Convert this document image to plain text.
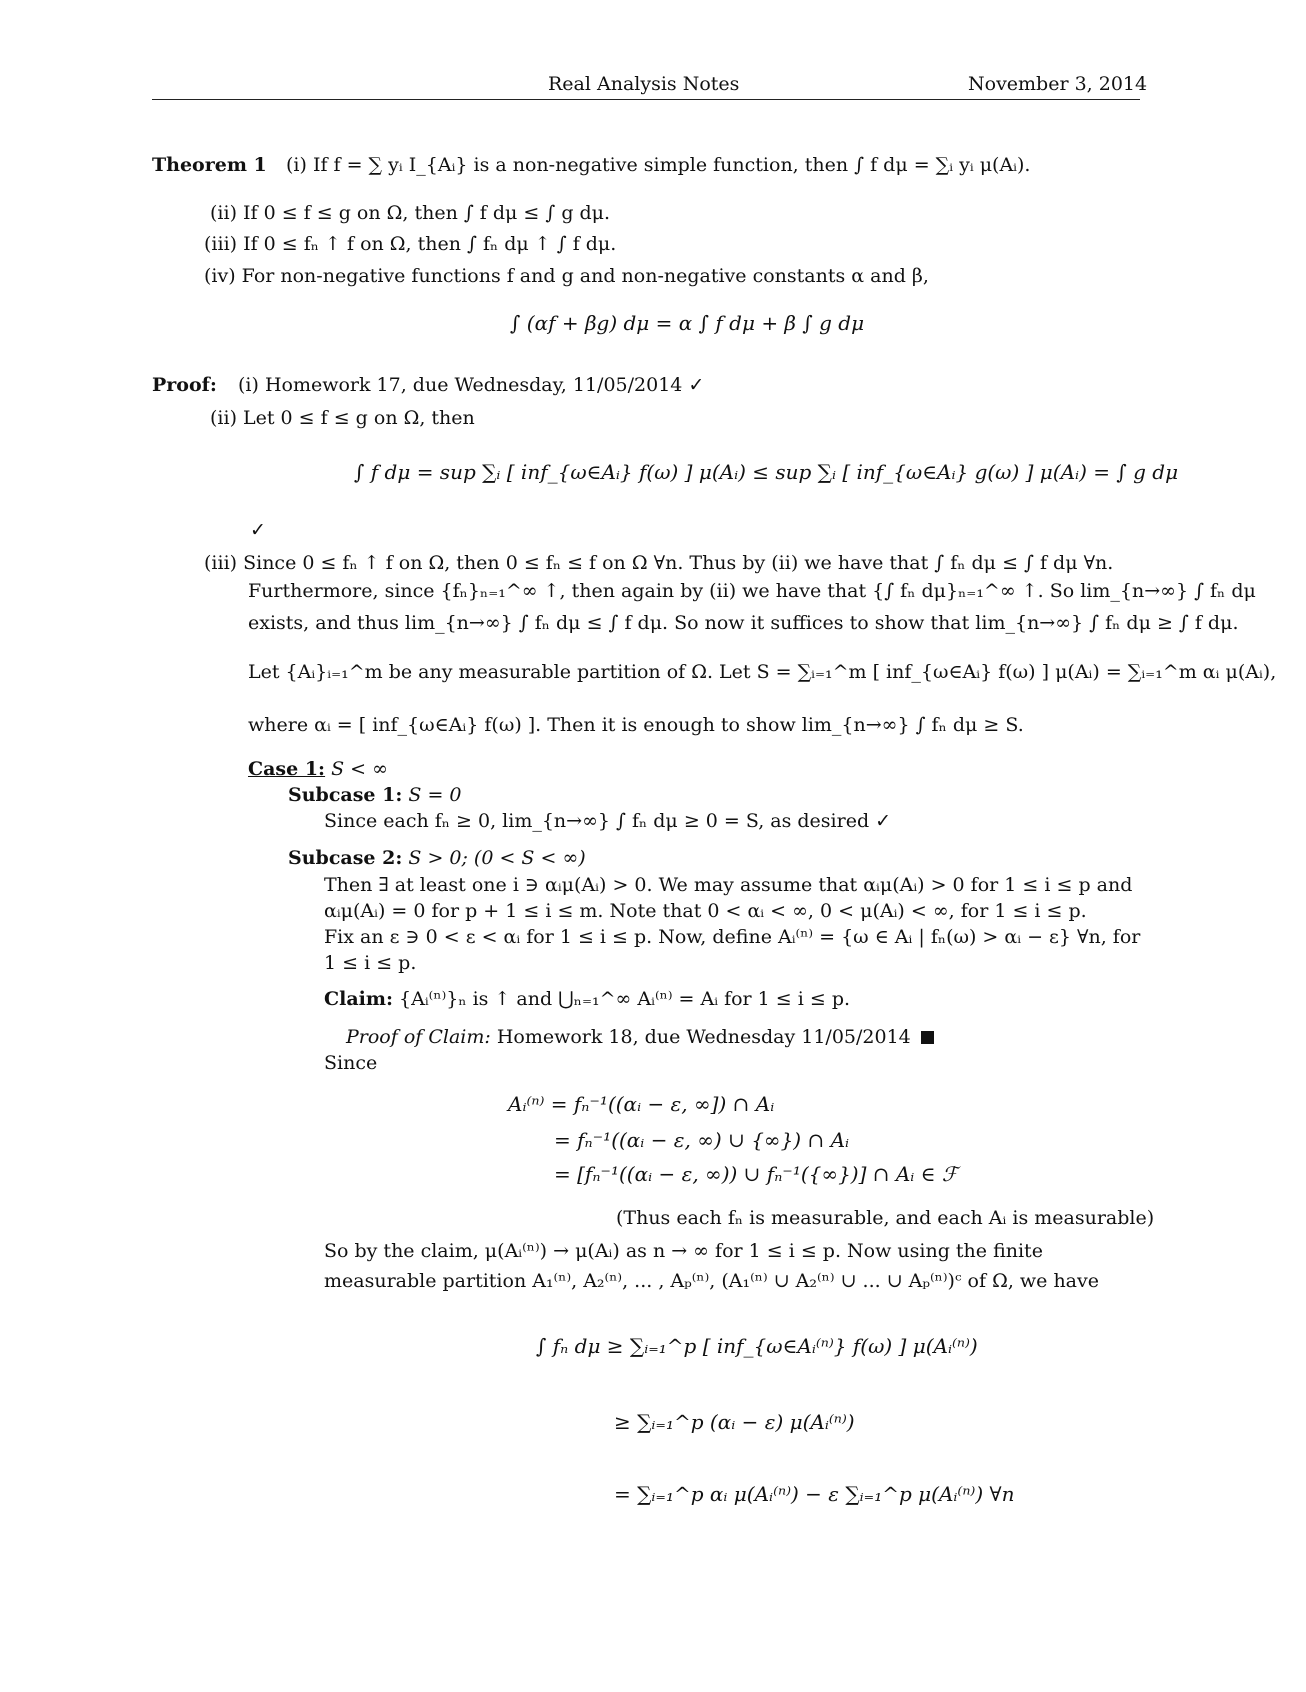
Real Analysis Notes	November 3, 2014
Theorem 1 (i) If f = ∑ yᵢ I_{Aᵢ} is a non-negative simple function, then ∫ f dμ = ∑ᵢ yᵢ μ(Aᵢ).
(ii) If 0 ≤ f ≤ g on Ω, then ∫ f dμ ≤ ∫ g dμ.
(iii) If 0 ≤ fₙ ↑ f on Ω, then ∫ fₙ dμ ↑ ∫ f dμ.
(iv) For non-negative functions f and g and non-negative constants α and β,
∫ (αf + βg) dμ = α ∫ f dμ + β ∫ g dμ
Proof: (i) Homework 17, due Wednesday, 11/05/2014 ✓
(ii) Let 0 ≤ f ≤ g on Ω, then
∫ f dμ = sup ∑ᵢ [ inf_{ω∈Aᵢ} f(ω) ] μ(Aᵢ) ≤ sup ∑ᵢ [ inf_{ω∈Aᵢ} g(ω) ] μ(Aᵢ) = ∫ g dμ
✓
(iii) Since 0 ≤ fₙ ↑ f on Ω, then 0 ≤ fₙ ≤ f on Ω ∀n. Thus by (ii) we have that ∫ fₙ dμ ≤ ∫ f dμ ∀n.
Furthermore, since {fₙ}ₙ₌₁^∞ ↑, then again by (ii) we have that {∫ fₙ dμ}ₙ₌₁^∞ ↑. So lim_{n→∞} ∫ fₙ dμ
exists, and thus lim_{n→∞} ∫ fₙ dμ ≤ ∫ f dμ. So now it suffices to show that lim_{n→∞} ∫ fₙ dμ ≥ ∫ f dμ.
Let {Aᵢ}ᵢ₌₁^m be any measurable partition of Ω. Let S = ∑ᵢ₌₁^m [ inf_{ω∈Aᵢ} f(ω) ] μ(Aᵢ) = ∑ᵢ₌₁^m αᵢ μ(Aᵢ),
where αᵢ = [ inf_{ω∈Aᵢ} f(ω) ]. Then it is enough to show lim_{n→∞} ∫ fₙ dμ ≥ S.
Case 1: S < ∞
Subcase 1: S = 0
Since each fₙ ≥ 0, lim_{n→∞} ∫ fₙ dμ ≥ 0 = S, as desired ✓
Subcase 2: S > 0; (0 < S < ∞)
Then ∃ at least one i ∋ αᵢμ(Aᵢ) > 0. We may assume that αᵢμ(Aᵢ) > 0 for 1 ≤ i ≤ p and
αᵢμ(Aᵢ) = 0 for p + 1 ≤ i ≤ m. Note that 0 < αᵢ < ∞, 0 < μ(Aᵢ) < ∞, for 1 ≤ i ≤ p.
Fix an ε ∋ 0 < ε < αᵢ for 1 ≤ i ≤ p. Now, define Aᵢ⁽ⁿ⁾ = {ω ∈ Aᵢ | fₙ(ω) > αᵢ − ε} ∀n, for
1 ≤ i ≤ p.
Claim: {Aᵢ⁽ⁿ⁾}ₙ is ↑ and ⋃ₙ₌₁^∞ Aᵢ⁽ⁿ⁾ = Aᵢ for 1 ≤ i ≤ p.
Proof of Claim: Homework 18, due Wednesday 11/05/2014
Since
Aᵢ⁽ⁿ⁾ = fₙ⁻¹((αᵢ − ε, ∞]) ∩ Aᵢ
= fₙ⁻¹((αᵢ − ε, ∞) ∪ {∞}) ∩ Aᵢ
= [fₙ⁻¹((αᵢ − ε, ∞)) ∪ fₙ⁻¹({∞})] ∩ Aᵢ ∈ ℱ
(Thus each fₙ is measurable, and each Aᵢ is measurable)
So by the claim, μ(Aᵢ⁽ⁿ⁾) → μ(Aᵢ) as n → ∞ for 1 ≤ i ≤ p. Now using the finite
measurable partition A₁⁽ⁿ⁾, A₂⁽ⁿ⁾, ... , Aₚ⁽ⁿ⁾, (A₁⁽ⁿ⁾ ∪ A₂⁽ⁿ⁾ ∪ ... ∪ Aₚ⁽ⁿ⁾)ᶜ of Ω, we have
∫ fₙ dμ ≥ ∑ᵢ₌₁^p [ inf_{ω∈Aᵢ⁽ⁿ⁾} f(ω) ] μ(Aᵢ⁽ⁿ⁾)
≥ ∑ᵢ₌₁^p (αᵢ − ε) μ(Aᵢ⁽ⁿ⁾)
= ∑ᵢ₌₁^p αᵢ μ(Aᵢ⁽ⁿ⁾) − ε ∑ᵢ₌₁^p μ(Aᵢ⁽ⁿ⁾) ∀n
